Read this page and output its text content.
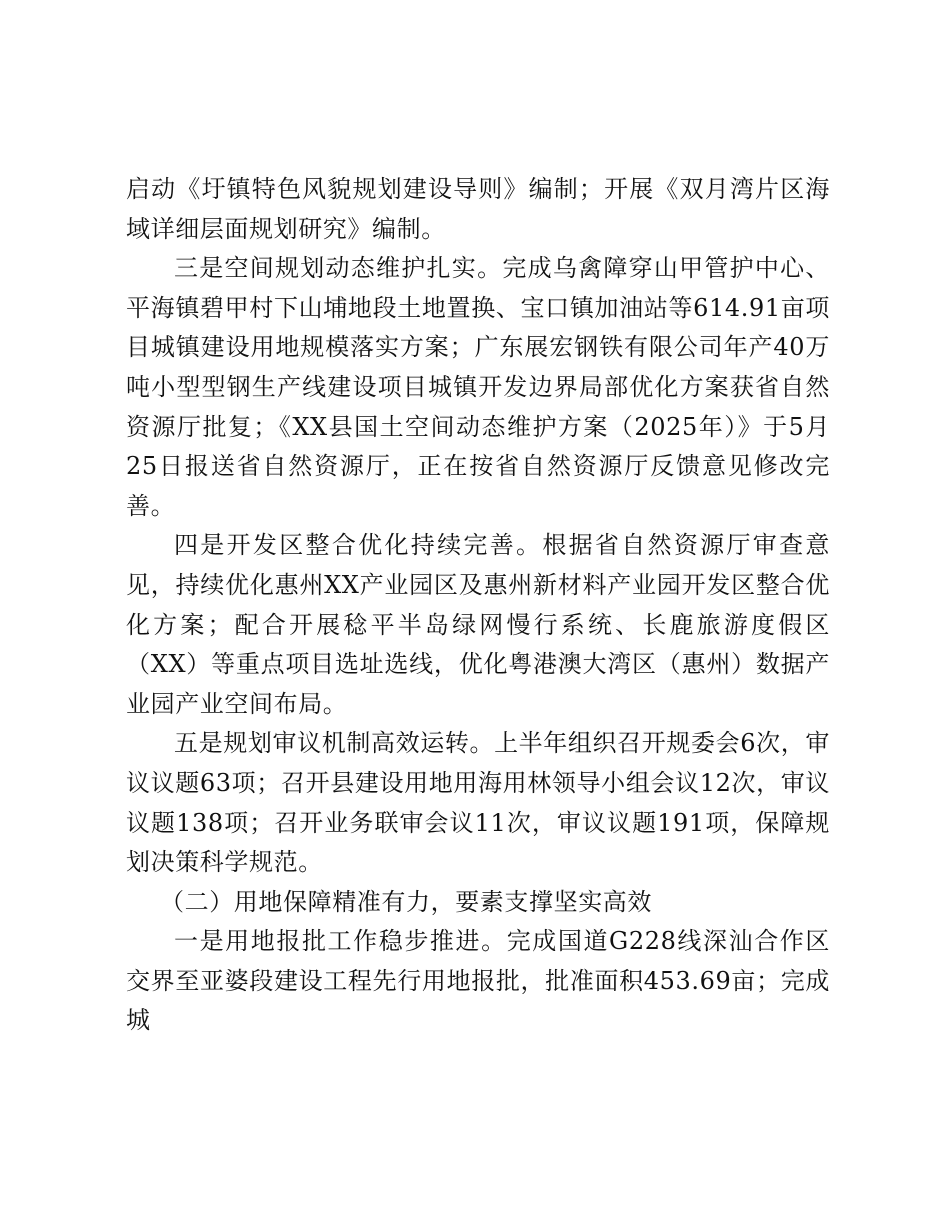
启动《圩镇特色风貌规划建设导则》编制；开展《双月湾片区海域详细层面规划研究》编制。

三是空间规划动态维护扎实。完成乌禽障穿山甲管护中心、平海镇碧甲村下山埔地段土地置换、宝口镇加油站等614.91亩项目城镇建设用地规模落实方案；广东展宏钢铁有限公司年产40万吨小型型钢生产线建设项目城镇开发边界局部优化方案获省自然资源厅批复；《XX县国土空间动态维护方案（2025年）》于5月25日报送省自然资源厅，正在按省自然资源厅反馈意见修改完善。

四是开发区整合优化持续完善。根据省自然资源厅审查意见，持续优化惠州XX产业园区及惠州新材料产业园开发区整合优化方案；配合开展稔平半岛绿网慢行系统、长鹿旅游度假区（XX）等重点项目选址选线，优化粤港澳大湾区（惠州）数据产业园产业空间布局。

五是规划审议机制高效运转。上半年组织召开规委会6次，审议议题63项；召开县建设用地用海用林领导小组会议12次，审议议题138项；召开业务联审会议11次，审议议题191项，保障规划决策科学规范。

（二）用地保障精准有力，要素支撑坚实高效

一是用地报批工作稳步推进。完成国道G228线深汕合作区交界至亚婆段建设工程先行用地报批，批准面积453.69亩；完成城
